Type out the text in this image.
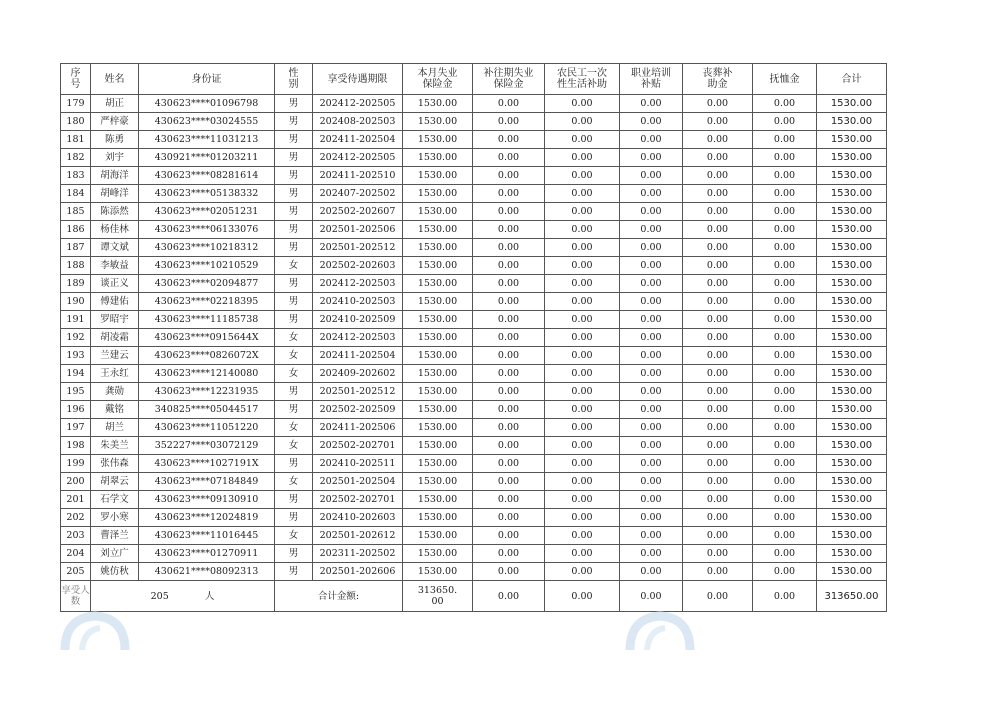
序号	姓名	身份证	性别	享受待遇期限	本月失业保险金	补往期失业保险金	农民工一次性生活补助	职业培训补贴	丧葬补助金	抚恤金	合计
179	胡正	430623****01096798	男	202412-202505	1530.00	0.00	0.00	0.00	0.00	0.00	1530.00
180	严梓豪	430623****03024555	男	202408-202503	1530.00	0.00	0.00	0.00	0.00	0.00	1530.00
181	陈勇	430623****11031213	男	202411-202504	1530.00	0.00	0.00	0.00	0.00	0.00	1530.00
182	刘宇	430921****01203211	男	202412-202505	1530.00	0.00	0.00	0.00	0.00	0.00	1530.00
183	胡海洋	430623****08281614	男	202411-202510	1530.00	0.00	0.00	0.00	0.00	0.00	1530.00
184	胡峰洋	430623****05138332	男	202407-202502	1530.00	0.00	0.00	0.00	0.00	0.00	1530.00
185	陈添然	430623****02051231	男	202502-202607	1530.00	0.00	0.00	0.00	0.00	0.00	1530.00
186	杨佳林	430623****06133076	男	202501-202506	1530.00	0.00	0.00	0.00	0.00	0.00	1530.00
187	谭文斌	430623****10218312	男	202501-202512	1530.00	0.00	0.00	0.00	0.00	0.00	1530.00
188	李敏益	430623****10210529	女	202502-202603	1530.00	0.00	0.00	0.00	0.00	0.00	1530.00
189	谈正义	430623****02094877	男	202412-202503	1530.00	0.00	0.00	0.00	0.00	0.00	1530.00
190	傅建佑	430623****02218395	男	202410-202503	1530.00	0.00	0.00	0.00	0.00	0.00	1530.00
191	罗昭宇	430623****11185738	男	202410-202509	1530.00	0.00	0.00	0.00	0.00	0.00	1530.00
192	胡凌霜	430623****0915644X	女	202412-202503	1530.00	0.00	0.00	0.00	0.00	0.00	1530.00
193	兰建云	430623****0826072X	女	202411-202504	1530.00	0.00	0.00	0.00	0.00	0.00	1530.00
194	王永红	430623****12140080	女	202409-202602	1530.00	0.00	0.00	0.00	0.00	0.00	1530.00
195	龚勋	430623****12231935	男	202501-202512	1530.00	0.00	0.00	0.00	0.00	0.00	1530.00
196	戴铭	340825****05044517	男	202502-202509	1530.00	0.00	0.00	0.00	0.00	0.00	1530.00
197	胡兰	430623****11051220	女	202411-202506	1530.00	0.00	0.00	0.00	0.00	0.00	1530.00
198	朱美兰	352227****03072129	女	202502-202701	1530.00	0.00	0.00	0.00	0.00	0.00	1530.00
199	张伟森	430623****1027191X	男	202410-202511	1530.00	0.00	0.00	0.00	0.00	0.00	1530.00
200	胡翠云	430623****07184849	女	202501-202504	1530.00	0.00	0.00	0.00	0.00	0.00	1530.00
201	石学文	430623****09130910	男	202502-202701	1530.00	0.00	0.00	0.00	0.00	0.00	1530.00
202	罗小寒	430623****12024819	男	202410-202603	1530.00	0.00	0.00	0.00	0.00	0.00	1530.00
203	曹泽兰	430623****11016445	女	202501-202612	1530.00	0.00	0.00	0.00	0.00	0.00	1530.00
204	刘立广	430623****01270911	男	202311-202502	1530.00	0.00	0.00	0.00	0.00	0.00	1530.00
205	姚仿秋	430621****08092313	男	202501-202606	1530.00	0.00	0.00	0.00	0.00	0.00	1530.00
享受人数	205 人		合计金额:		313650.00	0.00	0.00	0.00	0.00	0.00	313650.00
